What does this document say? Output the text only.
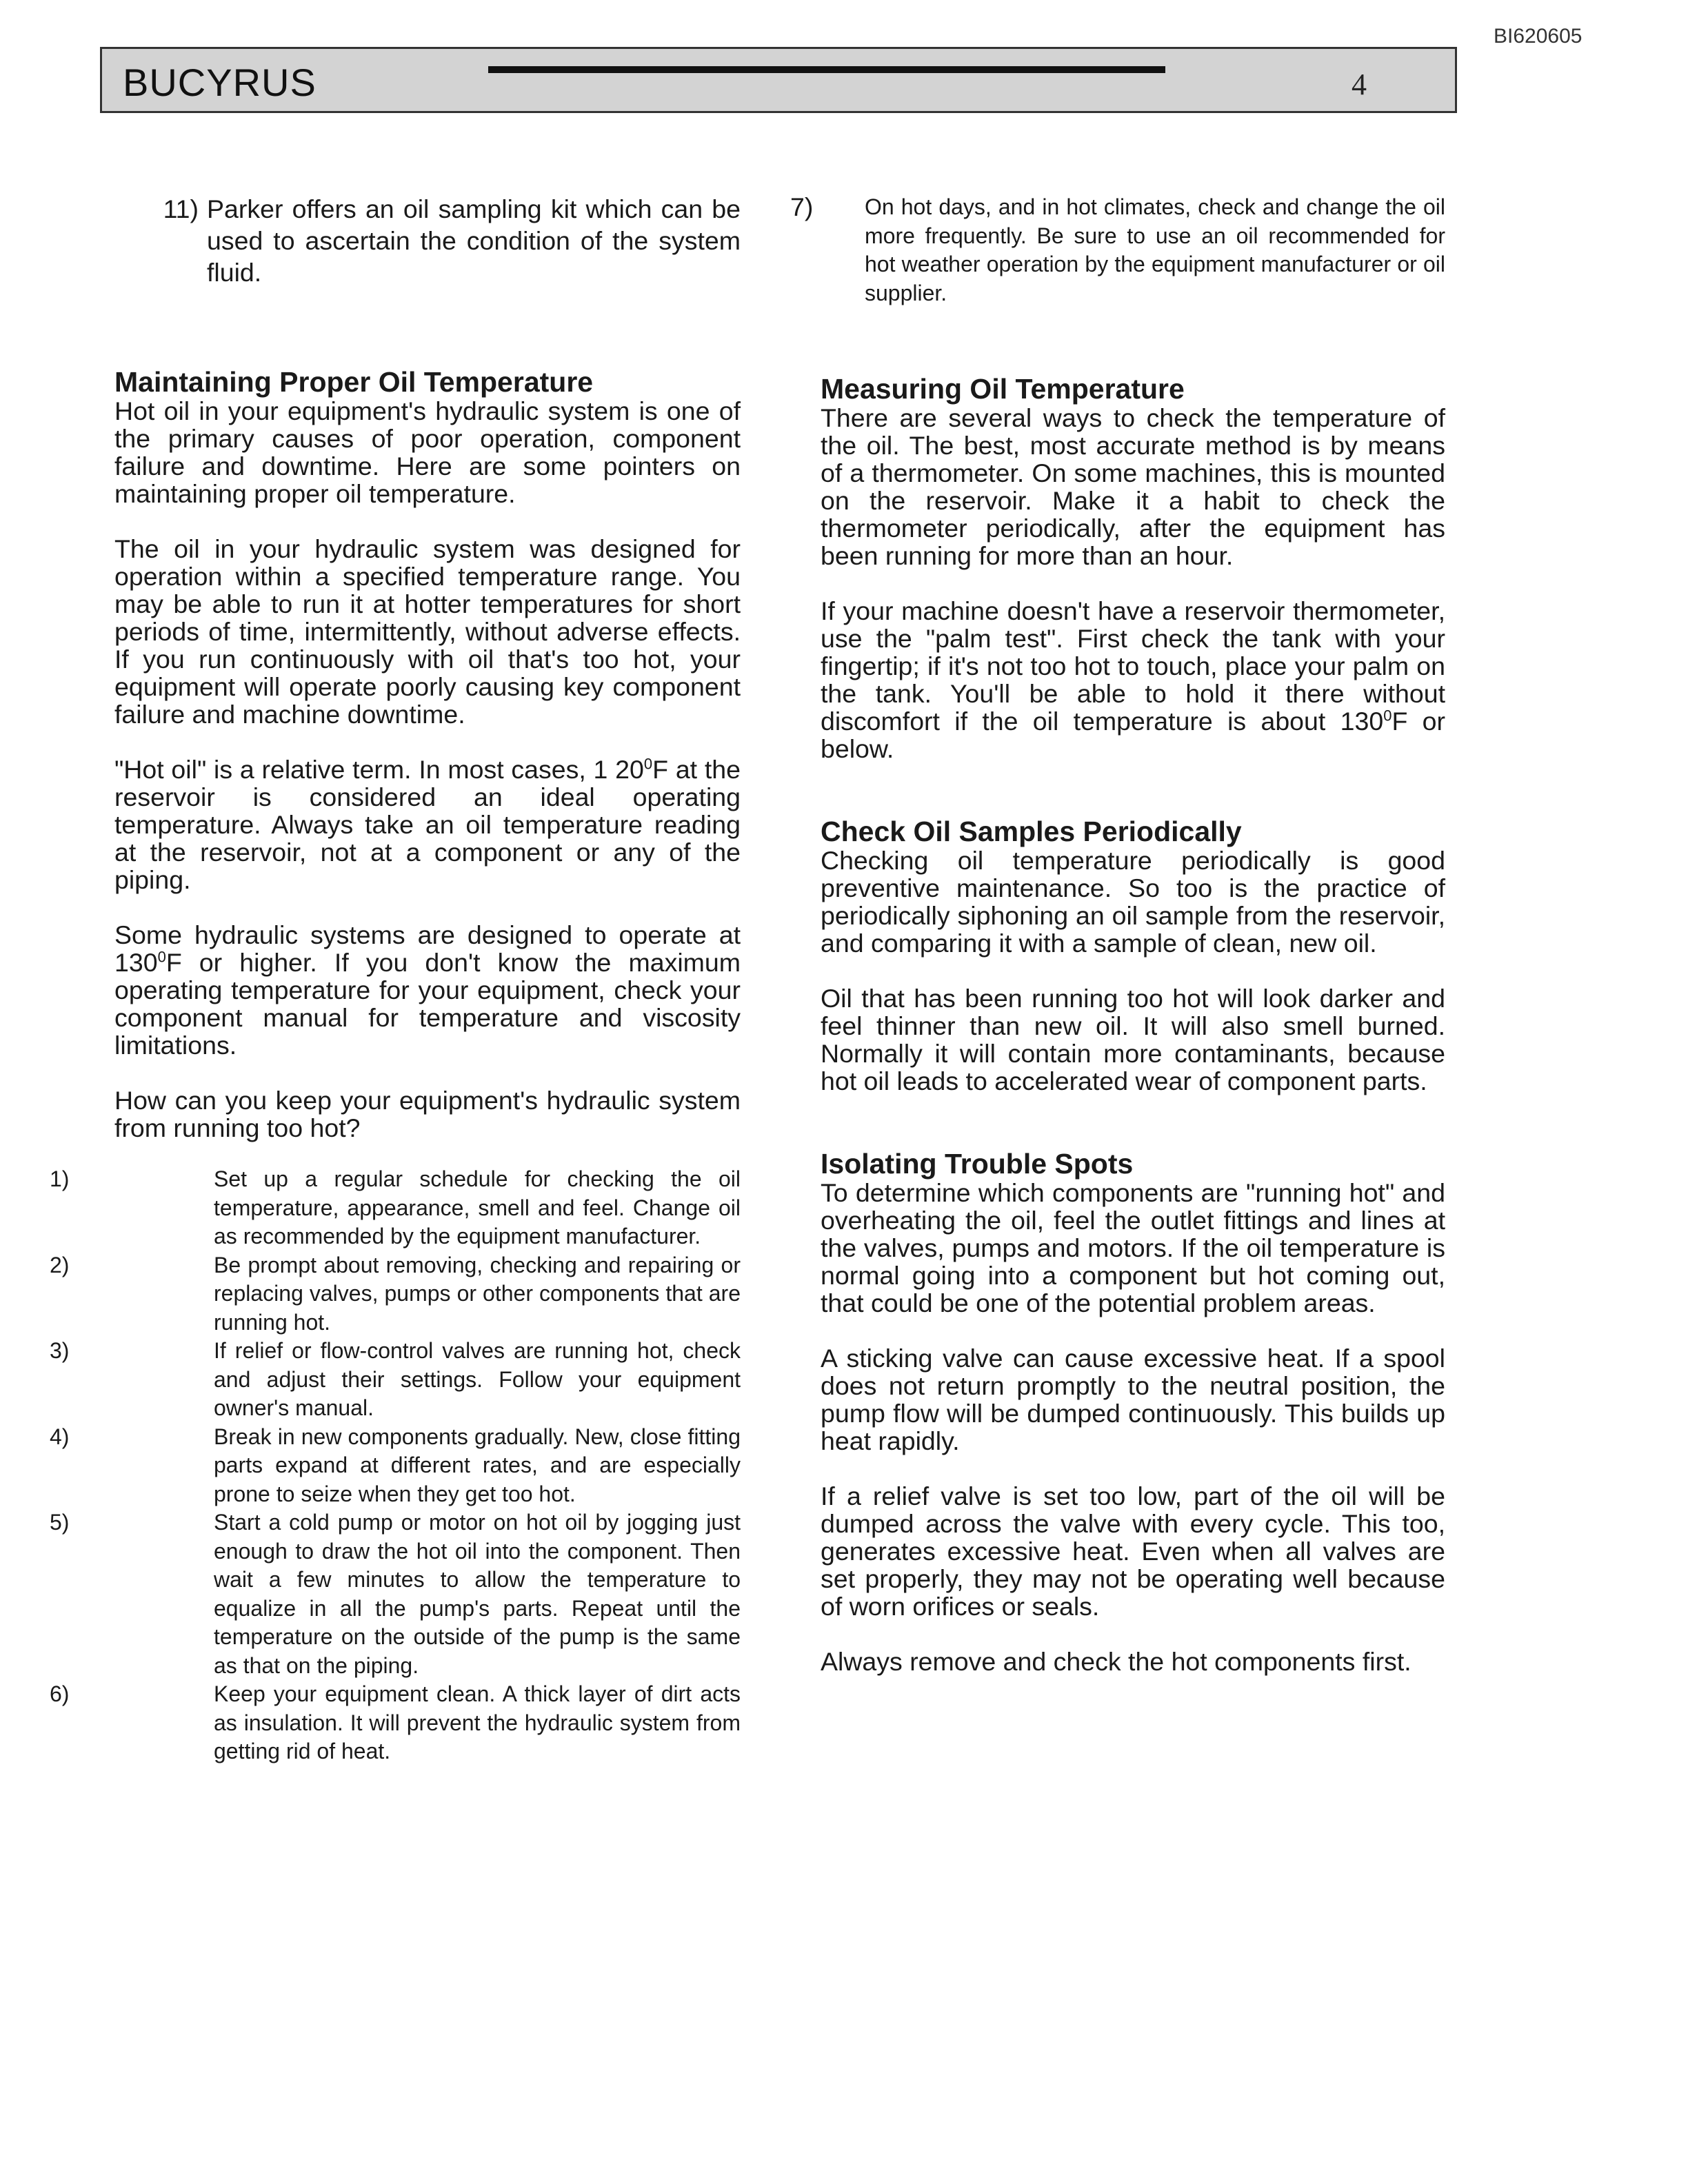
BI620605
BUCYRUS	4
11) Parker offers an oil sampling kit which can be used to ascertain the condition of the system fluid.
Maintaining Proper Oil Temperature

Hot oil in your equipment's hydraulic system is one of the primary causes of poor operation, component failure and downtime. Here are some pointers on maintaining proper oil temperature.

The oil in your hydraulic system was designed for operation within a specified temperature range. You may be able to run it at hotter temperatures for short periods of time, intermittently, without adverse effects. If you run continuously with oil that's too hot, your equipment will operate poorly causing key component failure and machine downtime.

"Hot oil" is a relative term. In most cases, 1 $20^0F$ at the reservoir is considered an ideal operating temperature. Always take an oil temperature reading at the reservoir, not at a component or any of the piping.

Some hydraulic systems are designed to operate at $130^0F$ or higher. If you don't know the maximum operating temperature for your equipment, check your component manual for temperature and viscosity limitations.

How can you keep your equipment's hydraulic system from running too hot?

1)	Set up a regular schedule for checking the oil temperature, appearance, smell and feel. Change oil as recommended by the equipment manufacturer.
2)	Be prompt about removing, checking and repairing or replacing valves, pumps or other components that are running hot.
3)	If relief or flow-control valves are running hot, check and adjust their settings. Follow your equipment owner's manual.
4)	Break in new components gradually. New, close fitting parts expand at different rates, and are especially prone to seize when they get too hot.
5)	Start a cold pump or motor on hot oil by jogging just enough to draw the hot oil into the component. Then wait a few minutes to allow the temperature to equalize in all the pump's parts. Repeat until the temperature on the outside of the pump is the same as that on the piping.
6)	Keep your equipment clean. A thick layer of dirt acts as insulation. It will prevent the hydraulic system from getting rid of heat.
7)	On hot days, and in hot climates, check and change the oil more frequently. Be sure to use an oil recommended for hot weather operation by the equipment manufacturer or oil supplier.
Measuring Oil Temperature

There are several ways to check the temperature of the oil. The best, most accurate method is by means of a thermometer. On some machines, this is mounted on the reservoir. Make it a habit to check the thermometer periodically, after the equipment has been running for more than an hour.

If your machine doesn't have a reservoir thermometer, use the "palm test". First check the tank with your fingertip; if it's not too hot to touch, place your palm on the tank. You'll be able to hold it there without discomfort if the oil temperature is about $130^0F$ or below.

Check Oil Samples Periodically

Checking oil temperature periodically is good preventive maintenance. So too is the practice of periodically siphoning an oil sample from the reservoir, and comparing it with a sample of clean, new oil.

Oil that has been running too hot will look darker and feel thinner than new oil. It will also smell burned. Normally it will contain more contaminants, because hot oil leads to accelerated wear of component parts.

Isolating Trouble Spots

To determine which components are "running hot" and overheating the oil, feel the outlet fittings and lines at the valves, pumps and motors. If the oil temperature is normal going into a component but hot coming out, that could be one of the potential problem areas.

A sticking valve can cause excessive heat. If a spool does not return promptly to the neutral position, the pump flow will be dumped continuously. This builds up heat rapidly.

If a relief valve is set too low, part of the oil will be dumped across the valve with every cycle. This too, generates excessive heat. Even when all valves are set properly, they may not be operating well because of worn orifices or seals.

Always remove and check the hot components first.
